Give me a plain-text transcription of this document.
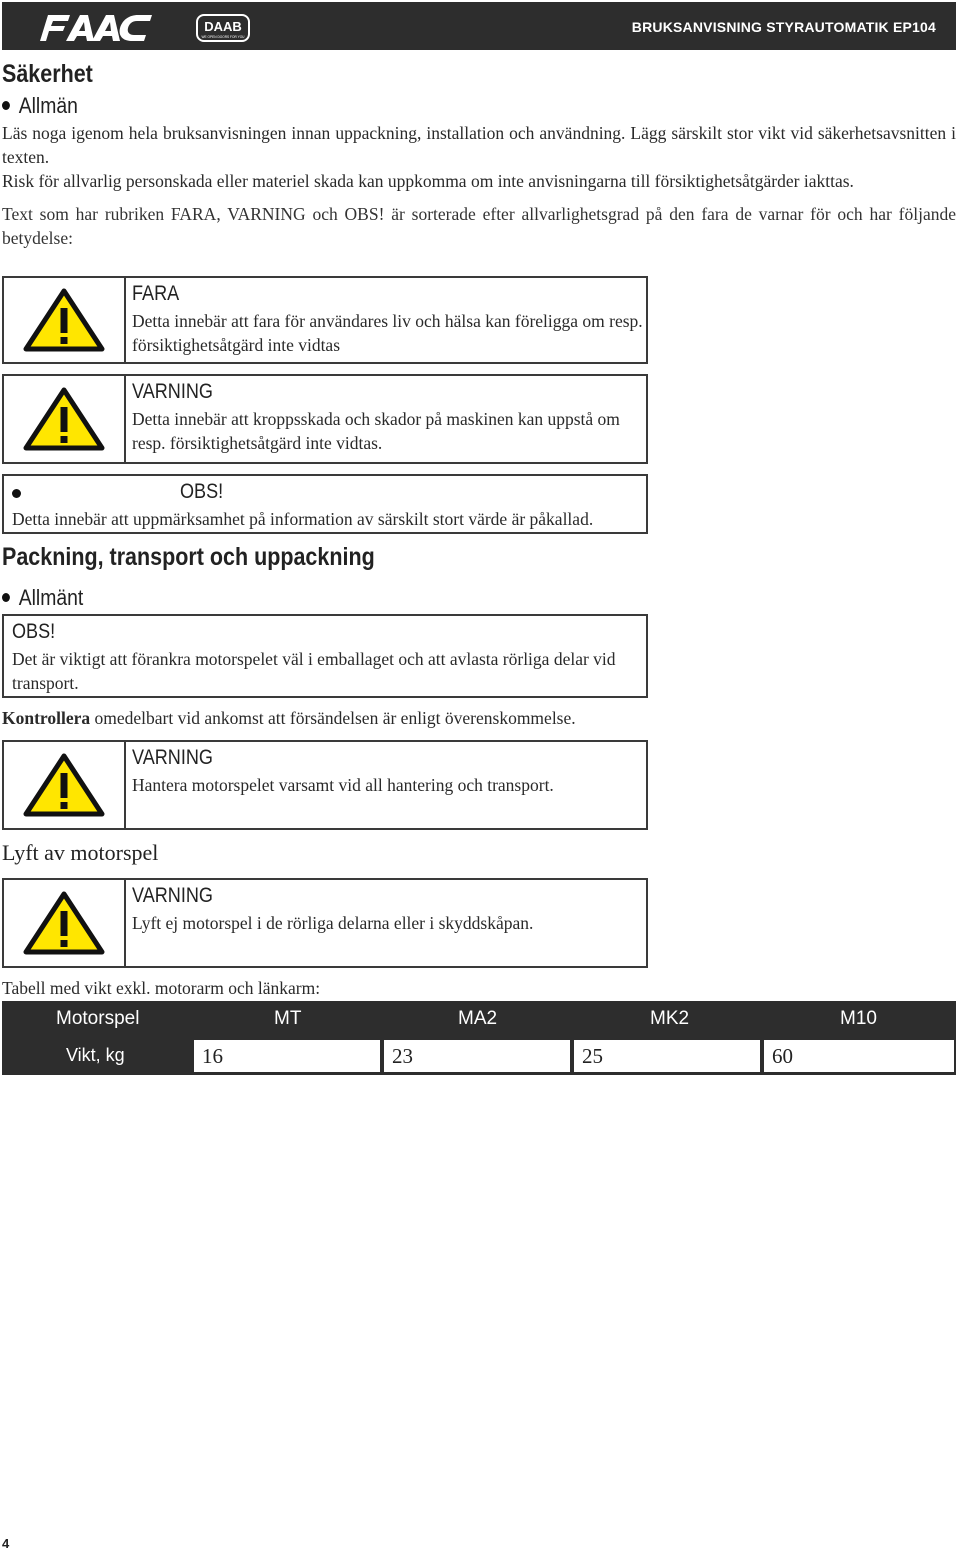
DAAB
WE OPEN DOORS FOR YOU
BRUKSANVISNING STYRAUTOMATIK EP104
Säkerhet
Allmän
Läs noga igenom hela bruksanvisningen innan uppackning, installation och användning. Lägg särskilt stor vikt vid säkerhetsavsnitten i texten.
Risk för allvarlig personskada eller materiel skada kan uppkomma om inte anvisningarna till försiktighetsåtgärder iakttas.
Text som har rubriken FARA, VARNING och OBS! är sorterade efter allvarlighetsgrad på den fara de varnar för och har följande betydelse:
FARA
Detta innebär att fara för användares liv och hälsa kan föreligga om resp. försiktighetsåtgärd inte vidtas
VARNING
Detta innebär att kroppsskada och skador på maskinen kan uppstå om resp. försiktighetsåtgärd inte vidtas.
OBS!
Detta innebär att uppmärksamhet på information av särskilt stort värde är påkallad.
Packning, transport och uppackning
Allmänt
OBS!
Det är viktigt att förankra motorspelet väl i emballaget och att avlasta rörliga delar vid transport.
Kontrollera omedelbart vid ankomst att försändelsen är enligt överenskommelse.
VARNING
Hantera motorspelet varsamt vid all hantering och transport.
Lyft av motorspel
VARNING
Lyft ej motorspel i de rörliga delarna eller i skyddskåpan.
Tabell med vikt exkl. motorarm och länkarm:
Motorspel	MT	MA2	MK2	M10
Vikt, kg	16	23	25	60
4
